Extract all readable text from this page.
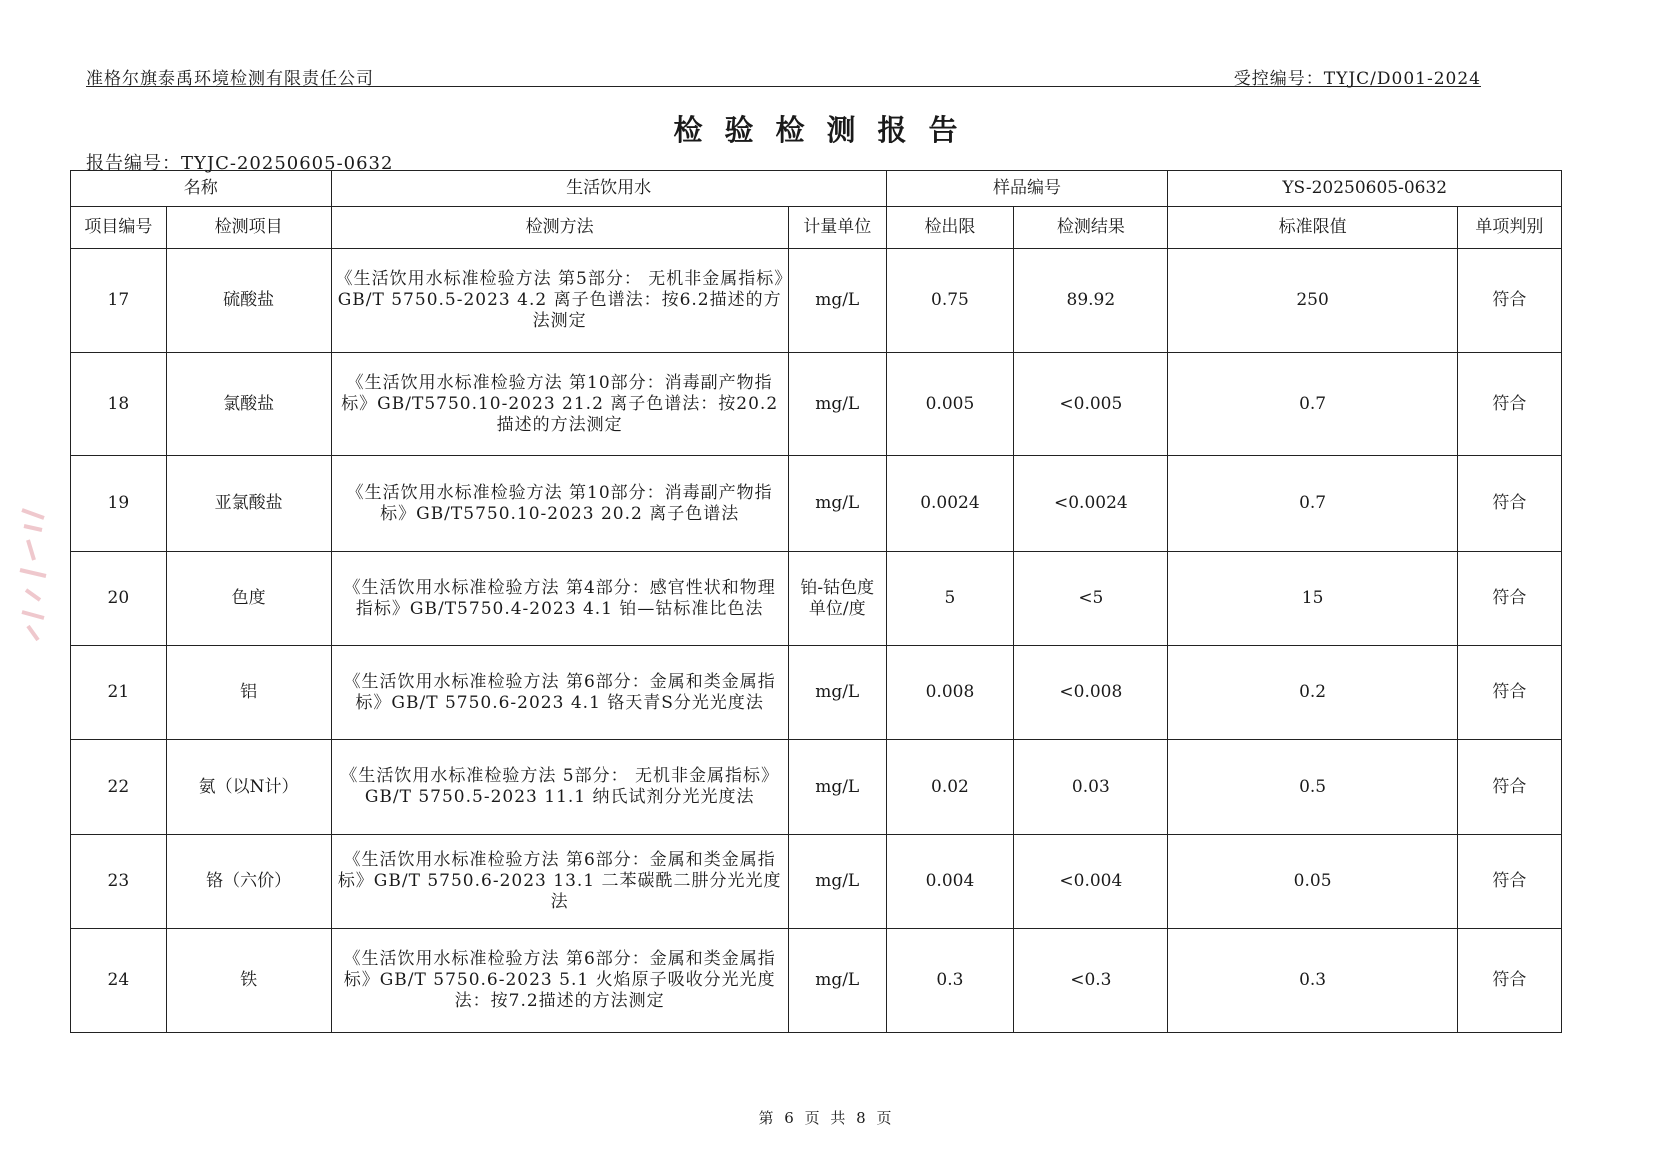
准格尔旗泰禹环境检测有限责任公司	受控编号：TYJC/D001-2024
检验检测报告
报告编号：TYJC-20250605-0632
名称		生活饮用水		样品编号		YS-20250605-0632	
项目编号	检测项目	检测方法	计量单位	检出限	检测结果	标准限值	单项判别
17	硫酸盐	《生活饮用水标准检验方法 第5部分： 无机非金属指标》GB/T 5750.5-2023 4.2 离子色谱法：按6.2描述的方法测定	mg/L	0.75	89.92	250	符合
18	氯酸盐	《生活饮用水标准检验方法 第10部分：消毒副产物指标》GB/T5750.10-2023 21.2 离子色谱法：按20.2描述的方法测定	mg/L	0.005	<0.005	0.7	符合
19	亚氯酸盐	《生活饮用水标准检验方法 第10部分：消毒副产物指标》GB/T5750.10-2023 20.2 离子色谱法	mg/L	0.0024	<0.0024	0.7	符合
20	色度	《生活饮用水标准检验方法 第4部分：感官性状和物理指标》GB/T5750.4-2023 4.1 铂—钴标准比色法	铂-钴色度单位/度	5	<5	15	符合
21	铝	《生活饮用水标准检验方法 第6部分：金属和类金属指标》GB/T 5750.6-2023 4.1 铬天青S分光光度法	mg/L	0.008	<0.008	0.2	符合
22	氨（以N计）	《生活饮用水标准检验方法 5部分： 无机非金属指标》GB/T 5750.5-2023 11.1 纳氏试剂分光光度法	mg/L	0.02	0.03	0.5	符合
23	铬（六价）	《生活饮用水标准检验方法 第6部分：金属和类金属指标》GB/T 5750.6-2023 13.1 二苯碳酰二肼分光光度法	mg/L	0.004	<0.004	0.05	符合
24	铁	《生活饮用水标准检验方法 第6部分：金属和类金属指标》GB/T 5750.6-2023 5.1 火焰原子吸收分光光度法：按7.2描述的方法测定	mg/L	0.3	<0.3	0.3	符合
第 6 页 共 8 页
